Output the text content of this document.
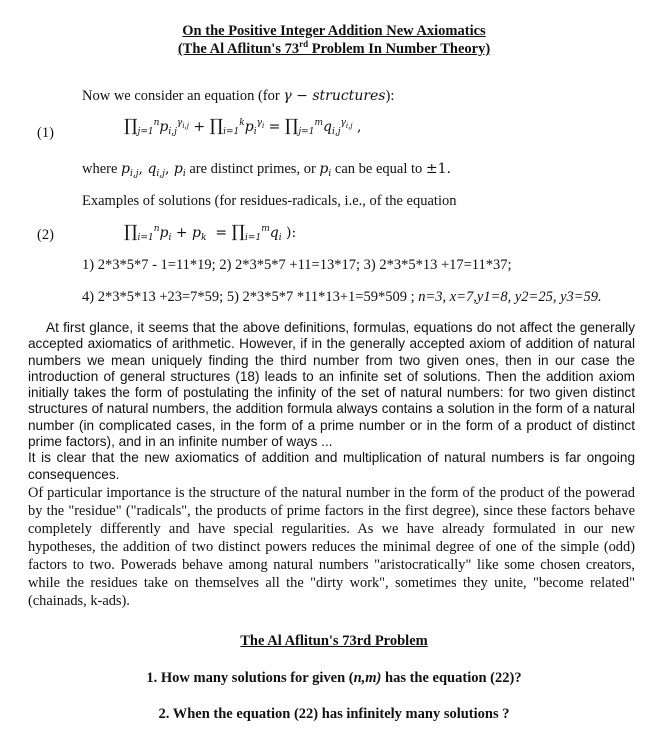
On the Positive Integer Addition New Axiomatics
(The Al Aflitun's 73rd Problem In Number Theory)
Now we consider an equation (for γ − structures):
(1)	$\prod_{j=1}^np_{i,j}^{\gamma_{i,j}}$ + $\prod_{i=1}^kp_i^{\gamma_i}$ = $\prod_{j=1}^mq_{i,j}^{\gamma_{i,j}}$ ,
where $p_{i,j}$, $q_{i,j}$, $p_i$ are distinct primes, or $p_i$ can be equal to ±1.
Examples of solutions (for residues-radicals, i.e., of the equation
(2)	$\prod_{i=1}^np_i + p_k$  = $\prod_{i=1}^mq_i$ ):
1) 2*3*5*7 - 1=11*19; 2) 2*3*5*7 +11=13*17; 3) 2*3*5*13 +17=11*37;
4) 2*3*5*13 +23=7*59; 5) 2*3*5*7 *11*13+1=59*509 ; n=3, x=7,y1=8, y2=25, y3=59.

At first glance, it seems that the above definitions, formulas, equations do not affect the generally accepted axiomatics of arithmetic. However, if in the generally accepted axiom of addition of natural numbers we mean uniquely finding the third number from two given ones, then in our case the introduction of general structures (18) leads to an infinite set of solutions. Then the addition axiom initially takes the form of postulating the infinity of the set of natural numbers: for two given distinct structures of natural numbers, the addition formula always contains a solution in the form of a natural number (in complicated cases, in the form of a prime number or in the form of a product of distinct prime factors), and in an infinite number of ways ...

It is clear that the new axiomatics of addition and multiplication of natural numbers is far ongoing consequences.

Of particular importance is the structure of the natural number in the form of the product of the powerad by the "residue" ("radicals", the products of prime factors in the first degree), since these factors behave completely differently and have special regularities. As we have already formulated in our new hypotheses, the addition of two distinct powers reduces the minimal degree of one of the simple (odd) factors to two. Powerads behave among natural numbers "aristocratically" like some chosen creators, while the residues take on themselves all the "dirty work", sometimes they unite, "become related" (chainads, k-ads).

The Al Aflitun's 73rd Problem
1. How many solutions for given (n,m) has the equation (22)?
2. When the equation (22) has infinitely many solutions ?
